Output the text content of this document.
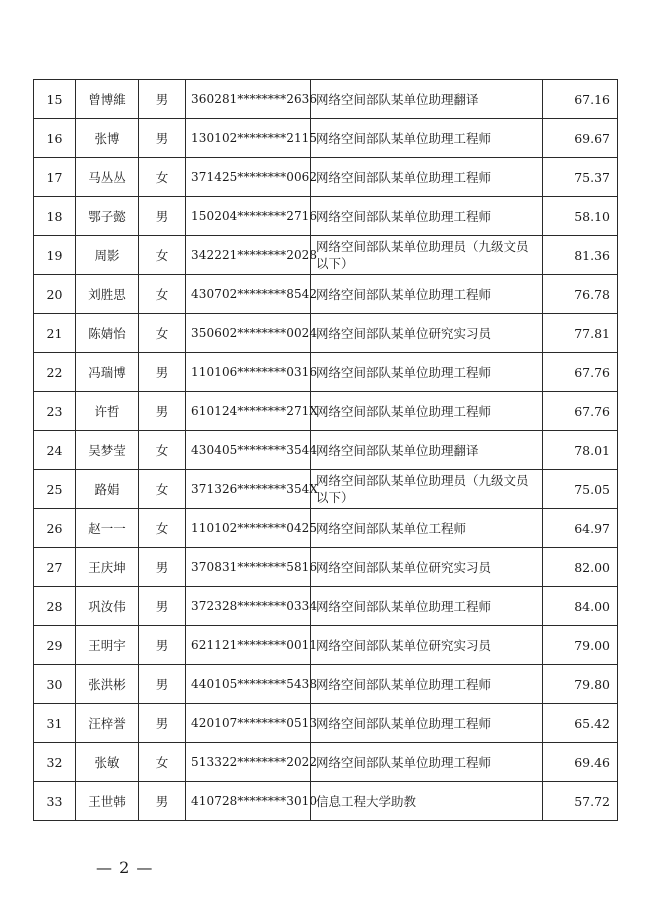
15	曾博維	男	360281********2636	网络空间部队某单位助理翻译	67.16
16	张博	男	130102********2115	网络空间部队某单位助理工程师	69.67
17	马丛丛	女	371425********0062	网络空间部队某单位助理工程师	75.37
18	鄂子懿	男	150204********2716	网络空间部队某单位助理工程师	58.10
19	周影	女	342221********2028	网络空间部队某单位助理员（九级文员以下）	81.36
20	刘胜思	女	430702********8542	网络空间部队某单位助理工程师	76.78
21	陈婧怡	女	350602********0024	网络空间部队某单位研究实习员	77.81
22	冯瑞博	男	110106********0316	网络空间部队某单位助理工程师	67.76
23	许哲	男	610124********271X	网络空间部队某单位助理工程师	67.76
24	吴梦莹	女	430405********3544	网络空间部队某单位助理翻译	78.01
25	路娟	女	371326********354X	网络空间部队某单位助理员（九级文员以下）	75.05
26	赵一一	女	110102********0425	网络空间部队某单位工程师	64.97
27	王庆坤	男	370831********5816	网络空间部队某单位研究实习员	82.00
28	巩汝伟	男	372328********0334	网络空间部队某单位助理工程师	84.00
29	王明宇	男	621121********0011	网络空间部队某单位研究实习员	79.00
30	张洪彬	男	440105********5438	网络空间部队某单位助理工程师	79.80
31	汪梓誉	男	420107********0513	网络空间部队某单位助理工程师	65.42
32	张敏	女	513322********2022	网络空间部队某单位助理工程师	69.46
33	王世韩	男	410728********3010	信息工程大学助教	57.72
— 2 —
